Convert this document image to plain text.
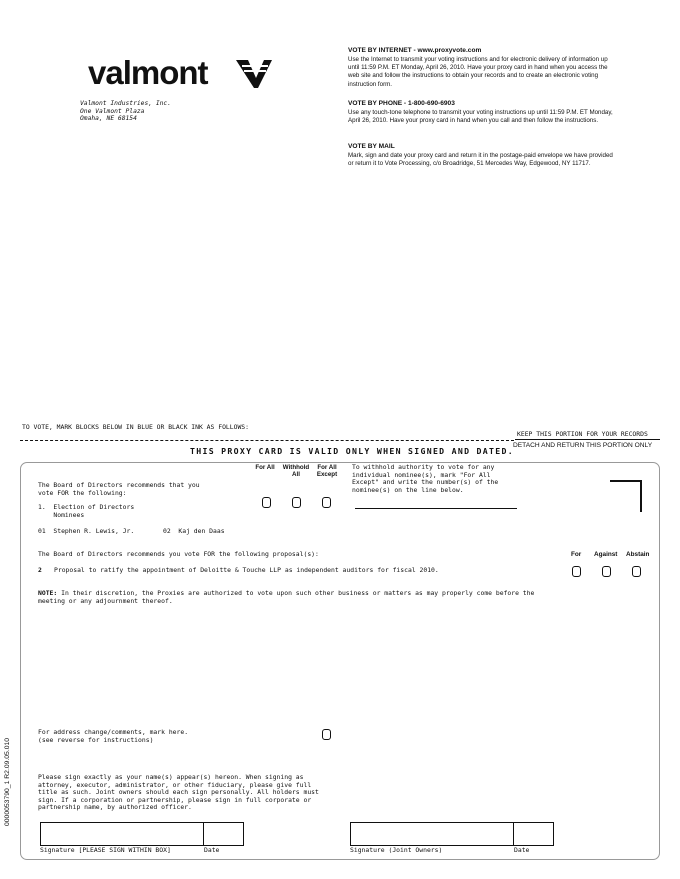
valmont
Valmont Industries, Inc.
One Valmont Plaza
Omaha, NE 68154
VOTE BY INTERNET - www.proxyvote.com
Use the Internet to transmit your voting instructions and for electronic delivery of information up until 11:59 P.M. ET Monday, April 26, 2010. Have your proxy card in hand when you access the web site and follow the instructions to obtain your records and to create an electronic voting instruction form.
VOTE BY PHONE - 1-800-690-6903
Use any touch-tone telephone to transmit your voting instructions up until 11:59 P.M. ET Monday, April 26, 2010. Have your proxy card in hand when you call and then follow the instructions.
VOTE BY MAIL
Mark, sign and date your proxy card and return it in the postage-paid envelope we have provided or return it to Vote Processing, c/o Broadridge, 51 Mercedes Way, Edgewood, NY 11717.
TO VOTE, MARK BLOCKS BELOW IN BLUE OR BLACK INK AS FOLLOWS:
KEEP THIS PORTION FOR YOUR RECORDS
DETACH AND RETURN THIS PORTION ONLY
THIS PROXY CARD IS VALID ONLY WHEN SIGNED AND DATED.
The Board of Directors recommends that you
vote FOR the following:
For All	Withhold All
For All Except
To withhold authority to vote for any
individual nominee(s), mark "For All
Except" and write the number(s) of the
nominee(s) on the line below.
1.  Election of Directors
Nominees
01  Stephen R. Lewis, Jr.	02  Kaj den Daas
The Board of Directors recommends you vote FOR the following proposal(s):	For Against Abstain
2 Proposal to ratify the appointment of Deloitte & Touche LLP as independent auditors for fiscal 2010.
NOTE: In their discretion, the Proxies are authorized to vote upon such other business or matters as may properly come before the
meeting or any adjournment thereof.
For address change/comments, mark here.
(see reverse for instructions)
Please sign exactly as your name(s) appear(s) hereon. When signing as
attorney, executor, administrator, or other fiduciary, please give full
title as such. Joint owners should each sign personally. All holders must
sign. If a corporation or partnership, please sign in full corporate or
partnership name, by authorized officer.
Signature [PLEASE SIGN WITHIN BOX]	Date	Signature (Joint Owners)	Date
0000053790_1 R2.09.05.010
